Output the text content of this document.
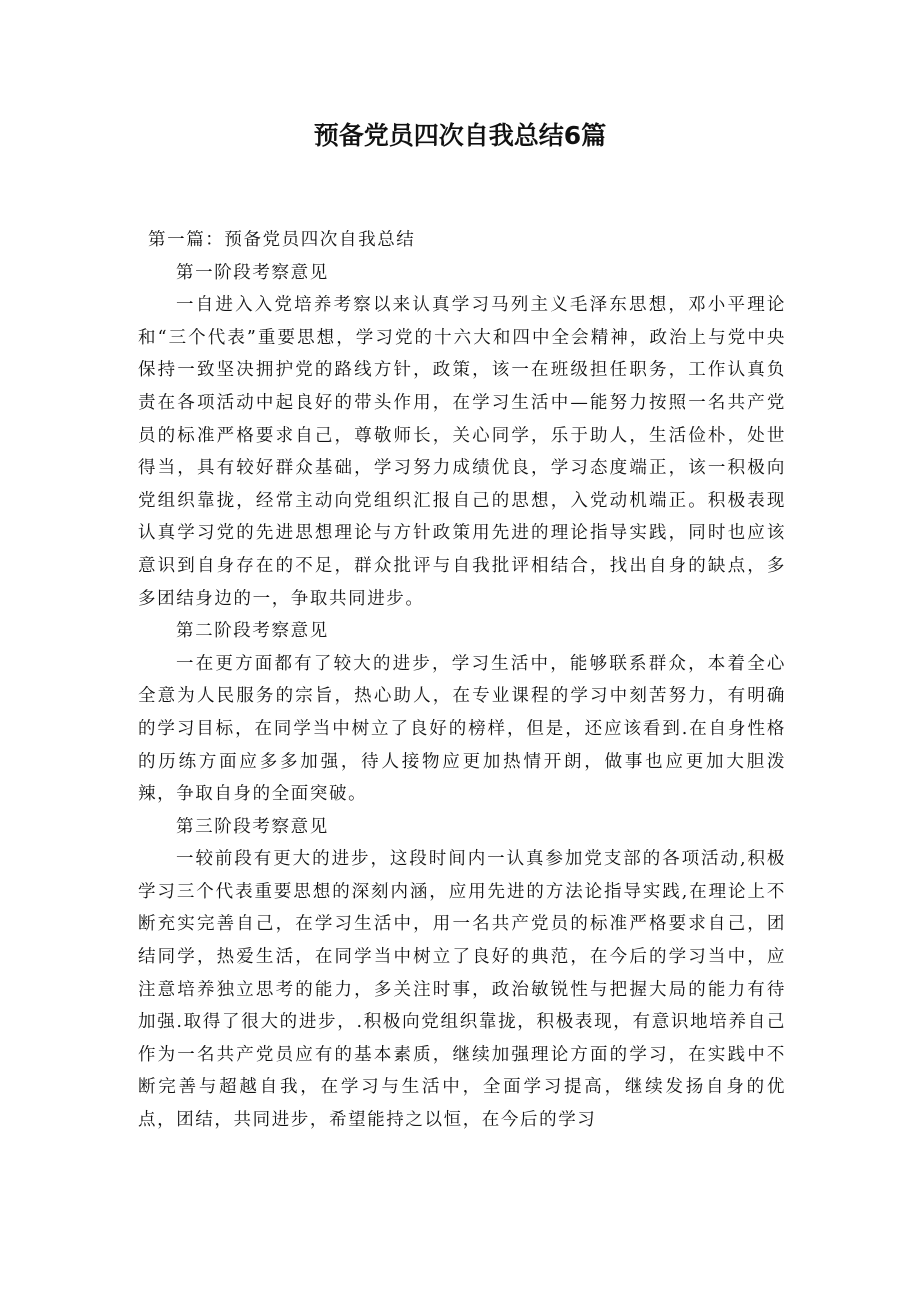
预备党员四次自我总结6篇

第一篇：预备党员四次自我总结

第一阶段考察意见

一自进入入党培养考察以来认真学习马列主义毛泽东思想，邓小平理论和“三个代表”重要思想，学习党的十六大和四中全会精神，政治上与党中央保持一致坚决拥护党的路线方针，政策，该一在班级担任职务，工作认真负责在各项活动中起良好的带头作用，在学习生活中—能努力按照一名共产党员的标准严格要求自己，尊敬师长，关心同学，乐于助人，生活俭朴，处世得当，具有较好群众基础，学习努力成绩优良，学习态度端正，该一积极向党组织靠拢，经常主动向党组织汇报自己的思想，入党动机端正。积极表现认真学习党的先进思想理论与方针政策用先进的理论指导实践，同时也应该意识到自身存在的不足，群众批评与自我批评相结合，找出自身的缺点，多多团结身边的一，争取共同进步。

第二阶段考察意见

一在更方面都有了较大的进步，学习生活中，能够联系群众，本着全心全意为人民服务的宗旨，热心助人，在专业课程的学习中刻苦努力，有明确的学习目标，在同学当中树立了良好的榜样，但是，还应该看到.在自身性格的历练方面应多多加强，待人接物应更加热情开朗，做事也应更加大胆泼辣，争取自身的全面突破。

第三阶段考察意见

一较前段有更大的进步，这段时间内一认真参加党支部的各项活动,积极学习三个代表重要思想的深刻内涵，应用先进的方法论指导实践,在理论上不断充实完善自己，在学习生活中，用一名共产党员的标准严格要求自己，团结同学，热爱生活，在同学当中树立了良好的典范，在今后的学习当中，应注意培养独立思考的能力，多关注时事，政治敏锐性与把握大局的能力有待加强.取得了很大的进步，.积极向党组织靠拢，积极表现，有意识地培养自己作为一名共产党员应有的基本素质，继续加强理论方面的学习，在实践中不断完善与超越自我，在学习与生活中，全面学习提高，继续发扬自身的优点，团结，共同进步，希望能持之以恒，在今后的学习
